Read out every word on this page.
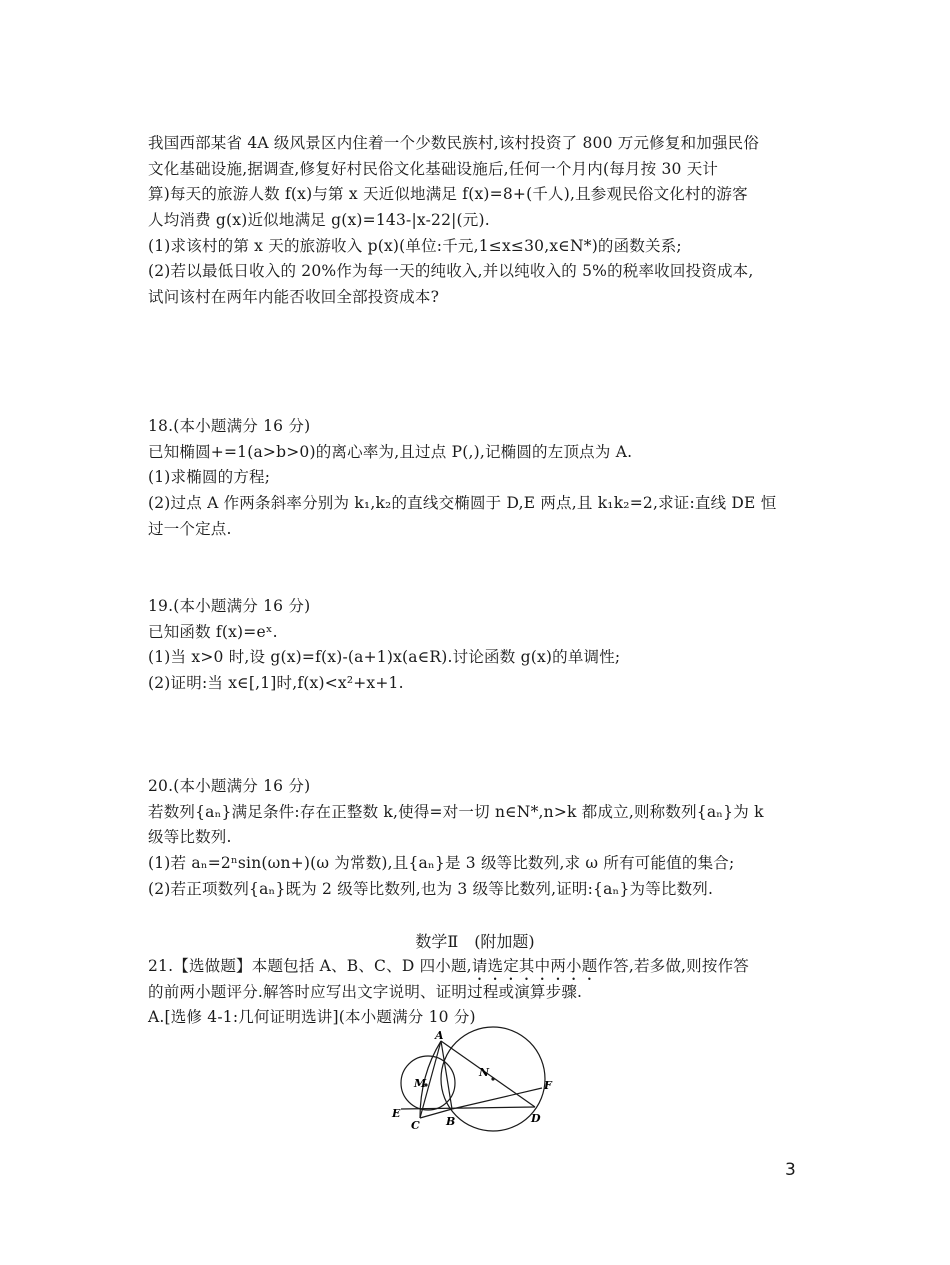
我国西部某省 4A 级风景区内住着一个少数民族村,该村投资了 800 万元修复和加强民俗
文化基础设施,据调查,修复好村民俗文化基础设施后,任何一个月内(每月按 30 天计
算)每天的旅游人数 f(x)与第 x 天近似地满足 f(x)=8+(千人),且参观民俗文化村的游客
人均消费 g(x)近似地满足 g(x)=143-|x-22|(元).
(1)求该村的第 x 天的旅游收入 p(x)(单位:千元,1≤x≤30,x∈N*)的函数关系;
(2)若以最低日收入的 20%作为每一天的纯收入,并以纯收入的 5%的税率收回投资成本,
试问该村在两年内能否收回全部投资成本?
18.(本小题满分 16 分)
已知椭圆+=1(a>b>0)的离心率为,且过点 P(,),记椭圆的左顶点为 A.
(1)求椭圆的方程;
(2)过点 A 作两条斜率分别为 k₁,k₂的直线交椭圆于 D,E 两点,且 k₁k₂=2,求证:直线 DE 恒
过一个定点.
19.(本小题满分 16 分)
已知函数 f(x)=eˣ.
(1)当 x>0 时,设 g(x)=f(x)-(a+1)x(a∈R).讨论函数 g(x)的单调性;
(2)证明:当 x∈[,1]时,f(x)<x²+x+1.
20.(本小题满分 16 分)
若数列{aₙ}满足条件:存在正整数 k,使得=对一切 n∈N*,n>k 都成立,则称数列{aₙ}为 k
级等比数列.
(1)若 aₙ=2ⁿsin(ωn+)(ω 为常数),且{aₙ}是 3 级等比数列,求 ω 所有可能值的集合;
(2)若正项数列{aₙ}既为 2 级等比数列,也为 3 级等比数列,证明:{aₙ}为等比数列.
数学Ⅱ　(附加题)
21.【选做题】本题包括 A、B、C、D 四小题,请选定其中两小题作答,若多做,则按作答
的前两小题评分.解答时应写出文字说明、证明过程或演算步骤.
A.[选修 4-1:几何证明选讲](本小题满分 10 分)
A
M
N
F
E
C B	D
3
